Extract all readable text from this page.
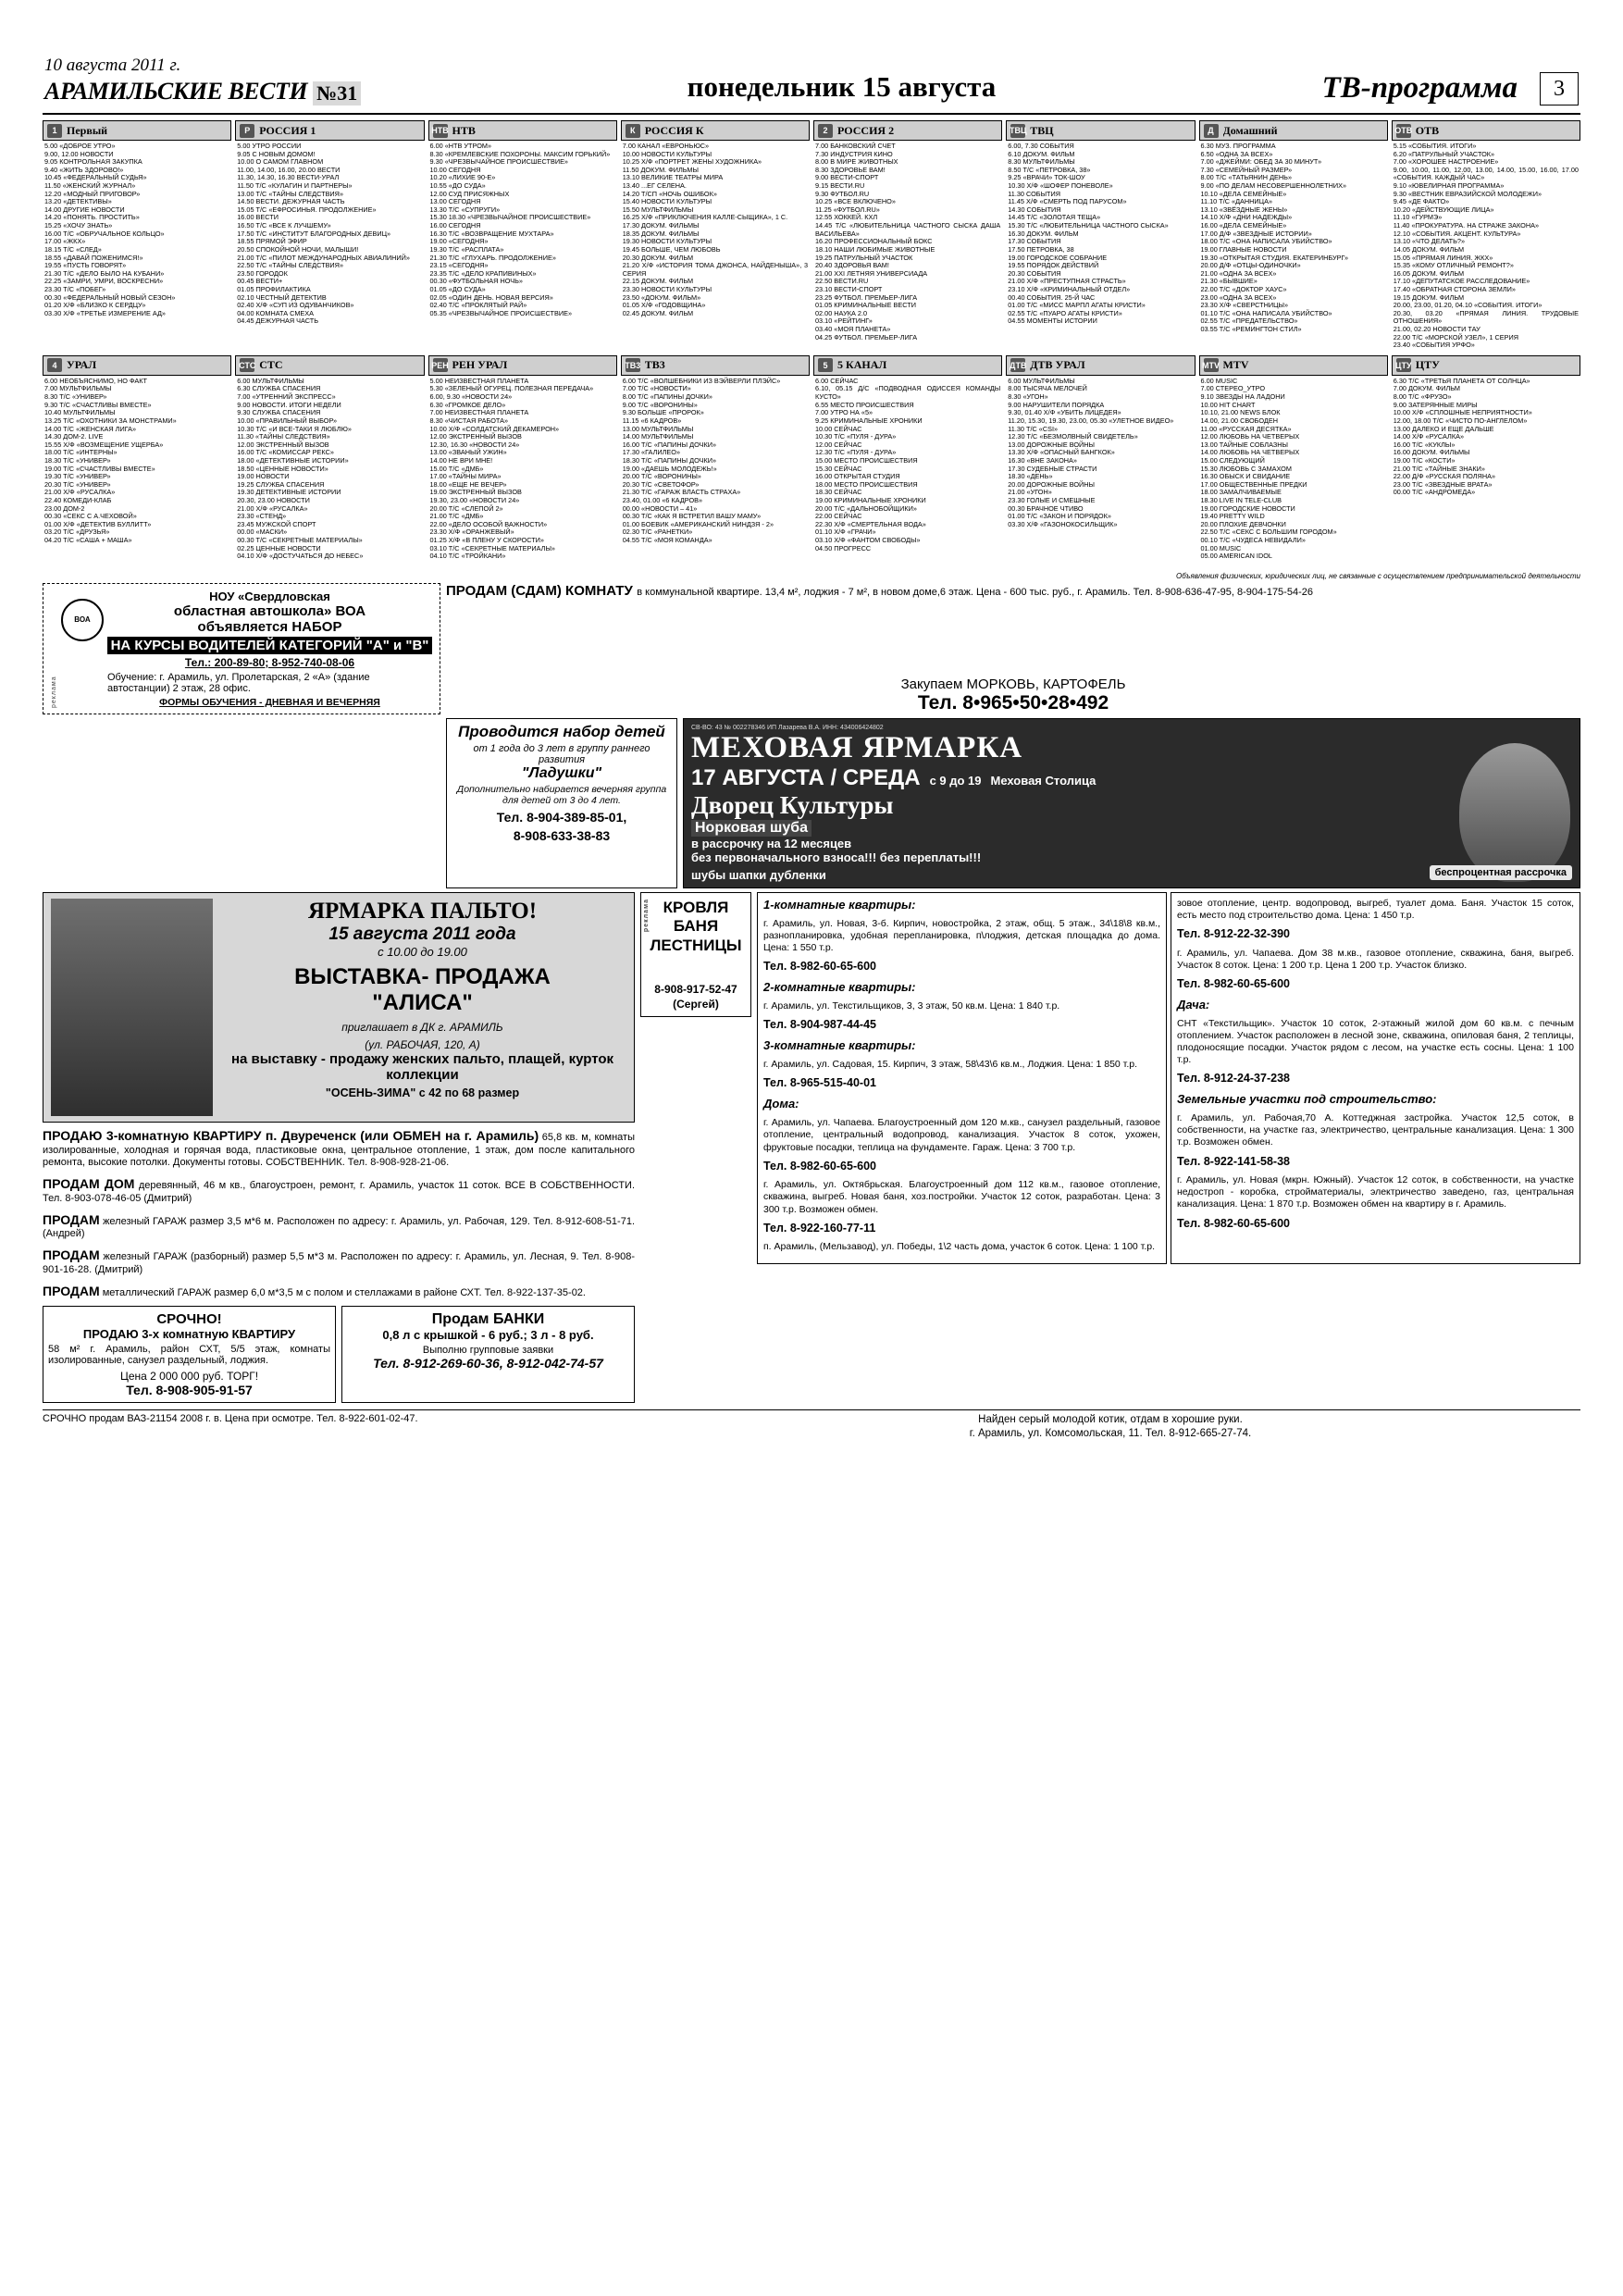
10 августа 2011 г.
АРАМИЛЬСКИЕ ВЕСТИ №31	понедельник 15 августа	ТВ-программа	3
1 Первый
5.00 «ДОБРОЕ УТРО»
9.00, 12.00 НОВОСТИ
9.05 КОНТРОЛЬНАЯ ЗАКУПКА
9.40 «ЖИТЬ ЗДОРОВО!»
10.45 «ФЕДЕРАЛЬНЫЙ СУДЬЯ»
11.50 «ЖЕНСКИЙ ЖУРНАЛ»
12.20 «МОДНЫЙ ПРИГОВОР»
13.20 «ДЕТЕКТИВЫ»
14.00 ДРУГИЕ НОВОСТИ
14.20 «ПОНЯТЬ. ПРОСТИТЬ»
15.25 «ХОЧУ ЗНАТЬ»
16.00 Т/С «ОБРУЧАЛЬНОЕ КОЛЬЦО»
17.00 «ЖКХ»
18.15 Т/С «СЛЕД»
18.55 «ДАВАЙ ПОЖЕНИМСЯ!»
19.55 «ПУСТЬ ГОВОРЯТ»
21.30 Т/С «ДЕЛО БЫЛО НА КУБАНИ»
22.25 «ЗАМРИ, УМРИ, ВОСКРЕСНИ»
23.30 Т/С «ПОБЕГ»
00.30 «ФЕДЕРАЛЬНЫЙ НОВЫЙ СЕЗОН»
01.20 Х/Ф «БЛИЗКО К СЕРДЦУ»
03.30 Х/Ф «ТРЕТЬЕ ИЗМЕРЕНИЕ АД»
Р РОССИЯ 1
5.00 УТРО РОССИИ
9.05 С НОВЫМ ДОМОМ!
10.00 О САМОМ ГЛАВНОМ
11.00, 14.00, 16.00, 20.00 ВЕСТИ
11.30, 14.30, 16.30 ВЕСТИ-УРАЛ
11.50 Т/С «КУЛАГИН И ПАРТНЕРЫ»
13.00 Т/С «ТАЙНЫ СЛЕДСТВИЯ»
14.50 ВЕСТИ. ДЕЖУРНАЯ ЧАСТЬ
15.05 Т/С «ЕФРОСИНЬЯ. ПРОДОЛЖЕНИЕ»
16.00 ВЕСТИ
16.50 Т/С «ВСЕ К ЛУЧШЕМУ»
17.50 Т/С «ИНСТИТУТ БЛАГОРОДНЫХ ДЕВИЦ»
18.55 ПРЯМОЙ ЭФИР
20.50 СПОКОЙНОЙ НОЧИ, МАЛЫШИ!
21.00 Т/С «ПИЛОТ МЕЖДУНАРОДНЫХ АВИАЛИНИЙ»
22.50 Т/С «ТАЙНЫ СЛЕДСТВИЯ»
23.50 ГОРОДОК
00.45 ВЕСТИ+
01.05 ПРОФИЛАКТИКА
02.10 ЧЕСТНЫЙ ДЕТЕКТИВ
02.40 Х/Ф «СУП ИЗ ОДУВАНЧИКОВ»
04.00 КОМНАТА СМЕХА
04.45 ДЕЖУРНАЯ ЧАСТЬ
НТВ НТВ
6.00 «НТВ УТРОМ»
8.30 «КРЕМЛЕВСКИЕ ПОХОРОНЫ. МАКСИМ ГОРЬКИЙ»
9.30 «ЧРЕЗВЫЧАЙНОЕ ПРОИСШЕСТВИЕ»
10.00 СЕГОДНЯ
10.20 «ЛИХИЕ 90-Е»
10.55 «ДО СУДА»
12.00 СУД ПРИСЯЖНЫХ
13.00 СЕГОДНЯ
13.30 Т/С «СУПРУГИ»
15.30 18.30 «ЧРЕЗВЫЧАЙНОЕ ПРОИСШЕСТВИЕ»
16.00 СЕГОДНЯ
16.30 Т/С «ВОЗВРАЩЕНИЕ МУХТАРА»
19.00 «СЕГОДНЯ»
19.30 Т/С «РАСПЛАТА»
21.30 Т/С «ГЛУХАРЬ. ПРОДОЛЖЕНИЕ»
23.15 «СЕГОДНЯ»
23.35 Т/С «ДЕЛО КРАПИВИНЫХ»
00.30 «ФУТБОЛЬНАЯ НОЧЬ»
01.05 «ДО СУДА»
02.05 «ОДИН ДЕНЬ. НОВАЯ ВЕРСИЯ»
02.40 Т/С «ПРОКЛЯТЫЙ РАЙ»
05.35 «ЧРЕЗВЫЧАЙНОЕ ПРОИСШЕСТВИЕ»
К РОССИЯ К
7.00 КАНАЛ «ЕВРОНЬЮС»
10.00 НОВОСТИ КУЛЬТУРЫ
10.25 Х/Ф «ПОРТРЕТ ЖЕНЫ ХУДОЖНИКА»
11.50 ДОКУМ. ФИЛЬМЫ
13.10 ВЕЛИКИЕ ТЕАТРЫ МИРА
13.40 ...ЕГ СЕЛЕНА.
14.20 Т/СП «НОЧЬ ОШИБОК»
15.40 НОВОСТИ КУЛЬТУРЫ
15.50 МУЛЬТФИЛЬМЫ
16.25 Х/Ф «ПРИКЛЮЧЕНИЯ КАЛЛЕ-СЫЩИКА», 1 С.
17.30 ДОКУМ. ФИЛЬМЫ
18.35 ДОКУМ. ФИЛЬМЫ
19.30 НОВОСТИ КУЛЬТУРЫ
19.45 БОЛЬШЕ, ЧЕМ ЛЮБОВЬ
20.30 ДОКУМ. ФИЛЬМ
21.20 Х/Ф «ИСТОРИЯ ТОМА ДЖОНСА, НАЙДЕНЫША», 3 СЕРИЯ
22.15 ДОКУМ. ФИЛЬМ
23.30 НОВОСТИ КУЛЬТУРЫ
23.50 «ДОКУМ. ФИЛЬМ»
01.05 Х/Ф «ГОДОВЩИНА»
02.45 ДОКУМ. ФИЛЬМ
2 РОССИЯ 2
7.00 БАНКОВСКИЙ СЧЕТ
7.30 ИНДУСТРИЯ КИНО
8.00 В МИРЕ ЖИВОТНЫХ
8.30 ЗДОРОВЬЕ ВАМ!
9.00 ВЕСТИ-СПОРТ
9.15 ВЕСТИ.RU
9.30 ФУТБОЛ.RU
10.25 «ВСЕ ВКЛЮЧЕНО»
11.25 «ФУТБОЛ.RU»
12.55 ХОККЕЙ. КХЛ
14.45 Т/С «ЛЮБИТЕЛЬНИЦА ЧАСТНОГО СЫСКА ДАША ВАСИЛЬЕВА»
16.20 ПРОФЕССИОНАЛЬНЫЙ БОКС
18.10 НАШИ ЛЮБИМЫЕ ЖИВОТНЫЕ
19.25 ПАТРУЛЬНЫЙ УЧАСТОК
20.40 ЗДОРОВЬЯ ВАМ!
21.00 ХХI ЛЕТНЯЯ УНИВЕРСИАДА
22.50 ВЕСТИ.RU
23.10 ВЕСТИ-СПОРТ
23.25 ФУТБОЛ. ПРЕМЬЕР-ЛИГА
01.05 КРИМИНАЛЬНЫЕ ВЕСТИ
02.00 НАУКА 2.0
03.10 «РЕЙТИНГ»
03.40 «МОЯ ПЛАНЕТА»
04.25 ФУТБОЛ. ПРЕМЬЕР-ЛИГА
ТВЦ ТВЦ
6.00, 7.30 СОБЫТИЯ
6.10 ДОКУМ. ФИЛЬМ
8.30 МУЛЬТФИЛЬМЫ
8.50 Т/С «ПЕТРОВКА, 38»
9.25 «ВРАЧИ» ТОК-ШОУ
10.30 Х/Ф «ШОФЕР ПОНЕВОЛЕ»
11.30 СОБЫТИЯ
11.45 Х/Ф «СМЕРТЬ ПОД ПАРУСОМ»
14.30 СОБЫТИЯ
14.45 Т/С «ЗОЛОТАЯ ТЕЩА»
15.30 Т/С «ЛЮБИТЕЛЬНИЦА ЧАСТНОГО СЫСКА»
16.30 ДОКУМ. ФИЛЬМ
17.30 СОБЫТИЯ
17.50 ПЕТРОВКА, 38
19.00 ГОРОДСКОЕ СОБРАНИЕ
19.55 ПОРЯДОК ДЕЙСТВИЙ
20.30 СОБЫТИЯ
21.00 Х/Ф «ПРЕСТУПНАЯ СТРАСТЬ»
23.10 Х/Ф «КРИМИНАЛЬНЫЙ ОТДЕЛ»
00.40 СОБЫТИЯ. 25-Й ЧАС
01.00 Т/С «МИСС МАРПЛ АГАТЫ КРИСТИ»
02.55 Т/С «ПУАРО АГАТЫ КРИСТИ»
04.55 МОМЕНТЫ ИСТОРИИ
Д Домашний
6.30 МУЗ. ПРОГРАММА
6.50 «ОДНА ЗА ВСЕХ»
7.00 «ДЖЕЙМИ: ОБЕД ЗА 30 МИНУТ»
7.30 «СЕМЕЙНЫЙ РАЗМЕР»
8.00 Т/С «ТАТЬЯНИН ДЕНЬ»
9.00 «ПО ДЕЛАМ НЕСОВЕРШЕННОЛЕТНИХ»
10.10 «ДЕЛА СЕМЕЙНЫЕ»
11.10 Т/С «ДАННИЦА»
13.10 «ЗВЁЗДНЫЕ ЖЕНЫ»
14.10 Х/Ф «ДНИ НАДЕЖДЫ»
16.00 «ДЕЛА СЕМЕЙНЫЕ»
17.00 Д/Ф «ЗВЕЗДНЫЕ ИСТОРИИ»
18.00 Т/С «ОНА НАПИСАЛА УБИЙСТВО»
19.00 ГЛАВНЫЕ НОВОСТИ
19.30 «ОТКРЫТАЯ СТУДИЯ. ЕКАТЕРИНБУРГ»
20.00 Д/Ф «ОТЦЫ-ОДИНОЧКИ»
21.00 «ОДНА ЗА ВСЕХ»
21.30 «БЫВШИЕ»
22.00 Т/С «ДОКТОР ХАУС»
23.00 «ОДНА ЗА ВСЕХ»
23.30 Х/Ф «СВЕРСТНИЦЫ»
01.10 Т/С «ОНА НАПИСАЛА УБИЙСТВО»
02.55 Т/С «ПРЕДАТЕЛЬСТВО»
03.55 Т/С «РЕМИНГТОН СТИЛ»
ОТВ ОТВ
5.15 «СОБЫТИЯ. ИТОГИ»
6.20 «ПАТРУЛЬНЫЙ УЧАСТОК»
7.00 «ХОРОШЕЕ НАСТРОЕНИЕ»
9.00, 10.00, 11.00, 12.00, 13.00, 14.00, 15.00, 16.00, 17.00 «СОБЫТИЯ. КАЖДЫЙ ЧАС»
9.10 «ЮВЕЛИРНАЯ ПРОГРАММА»
9.30 «ВЕСТНИК ЕВРАЗИЙСКОЙ МОЛОДЕЖИ»
9.45 «ДЕ ФАКТО»
10.20 «ДЕЙСТВУЮЩИЕ ЛИЦА»
11.10 «ГУРМЭ»
11.40 «ПРОКУРАТУРА. НА СТРАЖЕ ЗАКОНА»
12.10 «СОБЫТИЯ. АКЦЕНТ. КУЛЬТУРА»
13.10 «ЧТО ДЕЛАТЬ?»
14.05 ДОКУМ. ФИЛЬМ
15.05 «ПРЯМАЯ ЛИНИЯ. ЖКХ»
15.35 «КОМУ ОТЛИЧНЫЙ РЕМОНТ?»
16.05 ДОКУМ. ФИЛЬМ
17.10 «ДЕПУТАТСКОЕ РАССЛЕДОВАНИЕ»
17.40 «ОБРАТНАЯ СТОРОНА ЗЕМЛИ»
19.15 ДОКУМ. ФИЛЬМ
20.00, 23.00, 01.20, 04.10 «СОБЫТИЯ. ИТОГИ»
20.30, 03.20 «ПРЯМАЯ ЛИНИЯ. ТРУДОВЫЕ ОТНОШЕНИЯ»
21.00, 02.20 НОВОСТИ ТАУ
22.00 Т/С «МОРСКОЙ УЗЕЛ», 1 СЕРИЯ
23.40 «СОБЫТИЯ УРФО»
4 УРАЛ
6.00 НЕОБЪЯСНИМО, НО ФАКТ
7.00 МУЛЬТФИЛЬМЫ
8.30 Т/С «УНИВЕР»
9.30 Т/С «СЧАСТЛИВЫ ВМЕСТЕ»
10.40 МУЛЬТФИЛЬМЫ
13.25 Т/С «ОХОТНИКИ ЗА МОНСТРАМИ»
14.00 Т/С «ЖЕНСКАЯ ЛИГА»
14.30 ДОМ-2. LIVE
15.55 Х/Ф «ВОЗМЕЩЕНИЕ УЩЕРБА»
18.00 Т/С «ИНТЕРНЫ»
18.30 Т/С «УНИВЕР»
19.00 Т/С «СЧАСТЛИВЫ ВМЕСТЕ»
19.30 Т/С «УНИВЕР»
20.30 Т/С «УНИВЕР»
21.00 Х/Ф «РУСАЛКА»
22.40 КОМЕДИ-КЛАБ
23.00 ДОМ-2
00.30 «СЕКС С А.ЧЕХОВОЙ»
01.00 Х/Ф «ДЕТЕКТИВ БУЛЛИТТ»
03.20 Т/С «ДРУЗЬЯ»
04.20 Т/С «САША + МАША»
СТС СТС
6.00 МУЛЬТФИЛЬМЫ
6.30 СЛУЖБА СПАСЕНИЯ
7.00 «УТРЕННИЙ ЭКСПРЕСС»
9.00 НОВОСТИ. ИТОГИ НЕДЕЛИ
9.30 СЛУЖБА СПАСЕНИЯ
10.00 «ПРАВИЛЬНЫЙ ВЫБОР»
10.30 Т/С «И ВСЕ-ТАКИ Я ЛЮБЛЮ»
11.30 «ТАЙНЫ СЛЕДСТВИЯ»
12.00 ЭКСТРЕННЫЙ ВЫЗОВ
16.00 Т/С «КОМИССАР РЕКС»
18.00 «ДЕТЕКТИВНЫЕ ИСТОРИИ»
18.50 «ЦЕННЫЕ НОВОСТИ»
19.00 НОВОСТИ
19.25 СЛУЖБА СПАСЕНИЯ
19.30 ДЕТЕКТИВНЫЕ ИСТОРИИ
20.30, 23.00 НОВОСТИ
21.00 Х/Ф «РУСАЛКА»
23.30 «СТЕНД»
23.45 МУЖСКОЙ СПОРТ
00.00 «МАСКИ»
00.30 Т/С «СЕКРЕТНЫЕ МАТЕРИАЛЫ»
02.25 ЦЕННЫЕ НОВОСТИ
04.10 Х/Ф «ДОСТУЧАТЬСЯ ДО НЕБЕС»
РЕН РЕН УРАЛ
5.00 НЕИЗВЕСТНАЯ ПЛАНЕТА
5.30 «ЗЕЛЕНЫЙ ОГУРЕЦ. ПОЛЕЗНАЯ ПЕРЕДАЧА»
6.00, 9.30 «НОВОСТИ 24»
6.30 «ГРОМКОЕ ДЕЛО»
7.00 НЕИЗВЕСТНАЯ ПЛАНЕТА
8.30 «ЧИСТАЯ РАБОТА»
10.00 Х/Ф «СОЛДАТСКИЙ ДЕКАМЕРОН»
12.00 ЭКСТРЕННЫЙ ВЫЗОВ
12.30, 16.30 «НОВОСТИ 24»
13.00 «ЗВАНЫЙ УЖИН»
14.00 НЕ ВРИ МНЕ!
15.00 Т/С «ДМБ»
17.00 «ТАЙНЫ МИРА»
18.00 «ЕЩЕ НЕ ВЕЧЕР»
19.00 ЭКСТРЕННЫЙ ВЫЗОВ
19.30, 23.00 «НОВОСТИ 24»
20.00 Т/С «СЛЕПОЙ 2»
21.00 Т/С «ДМБ»
22.00 «ДЕЛО ОСОБОЙ ВАЖНОСТИ»
23.30 Х/Ф «ОРАНЖЕВЫЙ»
01.25 Х/Ф «В ПЛЕНУ У СКОРОСТИ»
03.10 Т/С «СЕКРЕТНЫЕ МАТЕРИАЛЫ»
04.10 Т/С «ТРОЙКАНИ»
ТВ3 ТВ3
6.00 Т/С «ВОЛШЕБНИКИ ИЗ ВЭЙВЕРЛИ ПЛЭЙС»
7.00 Т/С «НОВОСТИ»
8.00 Т/С «ПАПИНЫ ДОЧКИ»
9.00 Т/С «ВОРОНИНЫ»
9.30 БОЛЬШЕ «ПРОРОК»
11.15 «6 КАДРОВ»
13.00 МУЛЬТФИЛЬМЫ
14.00 МУЛЬТФИЛЬМЫ
16.00 Т/С «ПАПИНЫ ДОЧКИ»
17.30 «ГАЛИЛЕО»
18.30 Т/С «ПАПИНЫ ДОЧКИ»
19.00 «ДАЕШЬ МОЛОДЕЖЬ!»
20.00 Т/С «ВОРОНИНЫ»
20.30 Т/С «СВЕТОФОР»
21.30 Т/С «ГАРАЖ ВЛАСТЬ СТРАХА»
23.40, 01.00 «6 КАДРОВ»
00.00 «НОВОСТИ – 41»
00.30 Т/С «КАК Я ВСТРЕТИЛ ВАШУ МАМУ»
01.00 БОЕВИК «АМЕРИКАНСКИЙ НИНДЗЯ - 2»
02.30 Т/С «РАНЕТКИ»
04.55 Т/С «МОЯ КОМАНДА»
5 5 КАНАЛ
6.00 СЕЙЧАС
6.10, 05.15 Д/С «ПОДВОДНАЯ ОДИССЕЯ КОМАНДЫ КУСТО»
6.55 МЕСТО ПРОИСШЕСТВИЯ
7.00 УТРО НА «5»
9.25 КРИМИНАЛЬНЫЕ ХРОНИКИ
10.00 СЕЙЧАС
10.30 Т/С «ПУЛЯ - ДУРА»
12.00 СЕЙЧАС
12.30 Т/С «ПУЛЯ - ДУРА»
15.00 МЕСТО ПРОИСШЕСТВИЯ
15.30 СЕЙЧАС
16.00 ОТКРЫТАЯ СТУДИЯ
18.00 МЕСТО ПРОИСШЕСТВИЯ
18.30 СЕЙЧАС
19.00 КРИМИНАЛЬНЫЕ ХРОНИКИ
20.00 Т/С «ДАЛЬНОБОЙЩИКИ»
22.00 СЕЙЧАС
22.30 Х/Ф «СМЕРТЕЛЬНАЯ ВОДА»
01.10 Х/Ф «ГРАЧИ»
03.10 Х/Ф «ФАНТОМ СВОБОДЫ»
04.50 ПРОГРЕСС
ДТВ ДТВ УРАЛ
6.00 МУЛЬТФИЛЬМЫ
8.00 ТЫСЯЧА МЕЛОЧЕЙ
8.30 «УГОН»
9.00 НАРУШИТЕЛИ ПОРЯДКА
9.30, 01.40 Х/Ф «УБИТЬ ЛИЦЕДЕЯ»
11.20, 15.30, 19.30, 23.00, 05.30 «УЛЕТНОЕ ВИДЕО»
11.30 Т/С «CSI»
12.30 Т/С «БЕЗМОЛВНЫЙ СВИДЕТЕЛЬ»
13.00 ДОРОЖНЫЕ ВОЙНЫ
13.30 Х/Ф «ОПАСНЫЙ БАНГКОК»
16.30 «ВНЕ ЗАКОНА»
17.30 СУДЕБНЫЕ СТРАСТИ
18.30 «ДЕНЬ»
20.00 ДОРОЖНЫЕ ВОЙНЫ
21.00 «УГОН»
23.30 ГОЛЫЕ И СМЕШНЫЕ
00.30 БРАЧНОЕ ЧТИВО
01.00 Т/С «ЗАКОН И ПОРЯДОК»
03.30 Х/Ф «ГАЗОНОКОСИЛЬЩИК»
MTV MTV
6.00 MUSIC
7.00 СТЕРЕО_УТРО
9.10 ЗВЕЗДЫ НА ЛАДОНИ
10.00 HIT CHART
10.10, 21.00 NEWS БЛОК
14.00, 21.00 СВОБОДЕН
11.00 «РУССКАЯ ДЕСЯТКА»
12.00 ЛЮБОВЬ НА ЧЕТВЕРЫХ
13.00 ТАЙНЫЕ СОБЛАЗНЫ
14.00 ЛЮБОВЬ НА ЧЕТВЕРЫХ
15.00 СЛЕДУЮЩИЙ
15.30 ЛЮБОВЬ С ЗАМАХОМ
16.30 ОБЫСК И СВИДАНИЕ
17.00 ОБЩЕСТВЕННЫЕ ПРЕДКИ
18.00 ЗАМАЛЧИВАЕМЫЕ
18.30 LIVE IN TELE-CLUB
19.00 ГОРОДСКИЕ НОВОСТИ
19.40 PRETTY WILD
20.00 ПЛОХИЕ ДЕВЧОНКИ
22.50 Т/С «СЕКС С БОЛЬШИМ ГОРОДОМ»
00.10 Т/С «ЧУДЕСА НЕВИДАЛИ»
01.00 MUSIC
05.00 AMERICAN IDOL
ЦТУ ЦТУ
6.30 Т/С «ТРЕТЬЯ ПЛАНЕТА ОТ СОЛНЦА»
7.00 ДОКУМ. ФИЛЬМ
8.00 Т/С «ФРУЗО»
9.00 ЗАТЕРЯННЫЕ МИРЫ
10.00 Х/Ф «СПЛОШНЫЕ НЕПРИЯТНОСТИ»
12.00, 18.00 Т/С «ЧИСТО ПО-АНГЛЕЛОМ»
13.00 ДАЛЕКО И ЕЩЕ ДАЛЬШЕ
14.00 Х/Ф «РУСАЛКА»
16.00 Т/С «КУКЛЫ»
16.00 ДОКУМ. ФИЛЬМЫ
19.00 Т/С «КОСТИ»
21.00 Т/С «ТАЙНЫЕ ЗНАКИ»
22.00 Д/Ф «РУССКАЯ ПОЛЯНА»
23.00 Т/С «ЗВЕЗДНЫЕ ВРАТА»
00.00 Т/С «АНДРОМЕДА»
Объявления физических, юридических лиц, не связанные с осуществлением предпринимательской деятельности
реклама
ВОА
НОУ «Свердловская
областная автошкола» ВОА
объявляется НАБОР
НА КУРСЫ ВОДИТЕЛЕЙ КАТЕГОРИЙ "А" и "В"
Тел.: 200-89-80; 8-952-740-08-06
Обучение: г. Арамиль, ул. Пролетарская, 2 «А» (здание автостанции) 2 этаж, 28 офис.
ФОРМЫ ОБУЧЕНИЯ - ДНЕВНАЯ И ВЕЧЕРНЯЯ
ПРОДАМ (СДАМ) КОМНАТУ в коммунальной квартире. 13,4 м², лоджия - 7 м², в новом доме,6 этаж. Цена - 600 тыс. руб., г. Арамиль. Тел. 8-908-636-47-95, 8-904-175-54-26
Закупаем МОРКОВЬ, КАРТОФЕЛЬ
Тел. 8•965•50•28•492
Проводится набор детей
от 1 года до 3 лет в группу раннего развития
"Ладушки"
Дополнительно набирается вечерняя группа для детей от 3 до 4 лет.
Тел. 8-904-389-85-01,
8-908-633-38-83
СВ-ВО: 43 № 002278346 ИП Лазарева В.А. ИНН: 434006424802
МЕХОВАЯ ЯРМАРКА
17 АВГУСТА / СРЕДА с 9 до 19 Меховая Столица
Дворец Культуры
Норковая шуба
в рассрочку на 12 месяцев
без первоначального взноса!!! без переплаты!!!
шубы шапки дубленки	беспроцентная рассрочка
ЯРМАРКА ПАЛЬТО!
15 августа 2011 года
с 10.00 до 19.00
ВЫСТАВКА- ПРОДАЖА
"АЛИСА"
приглашает в ДК г. АРАМИЛЬ
(ул. РАБОЧАЯ, 120, А)
на выставку - продажу женских пальто, плащей, курток коллекции
"ОСЕНЬ-ЗИМА" с 42 по 68 размер

ПРОДАЮ 3-комнатную КВАРТИРУ п. Двуреченск (или ОБМЕН на г. Арамиль) 65,8 кв. м, комнаты изолированные, холодная и горячая вода, пластиковые окна, центральное отопление, 1 этаж, дом после капитального ремонта, высокие потолки. Документы готовы. СОБСТВЕННИК. Тел. 8-908-928-21-06.

ПРОДАМ ДОМ деревянный, 46 м кв., благоустроен, ремонт, г. Арамиль, участок 11 соток. ВСЕ В СОБСТВЕННОСТИ. Тел. 8-903-078-46-05 (Дмитрий)

ПРОДАМ железный ГАРАЖ размер 3,5 м*6 м. Расположен по адресу: г. Арамиль, ул. Рабочая, 129. Тел. 8-912-608-51-71. (Андрей)

ПРОДАМ железный ГАРАЖ (разборный) размер 5,5 м*3 м. Расположен по адресу: г. Арамиль, ул. Лесная, 9. Тел. 8-908-901-16-28. (Дмитрий)

ПРОДАМ металлический ГАРАЖ размер 6,0 м*3,5 м с полом и стеллажами в районе СХТ. Тел. 8-922-137-35-02.

СРОЧНО!
ПРОДАЮ 3-х комнатную КВАРТИРУ
58 м² г. Арамиль, район СХТ, 5/5 этаж, комнаты изолированные, санузел раздельный, лоджия.
Цена 2 000 000 руб. ТОРГ!
Тел. 8-908-905-91-57
Продам БАНКИ
0,8 л с крышкой - 6 руб.; 3 л - 8 руб.
Выполню групповые заявки
Тел. 8-912-269-60-36, 8-912-042-74-57
реклама КРОВЛЯ
БАНЯ
ЛЕСТНИЦЫ
8-908-917-52-47
(Сергей)

1-комнатные квартиры:

г. Арамиль, ул. Новая, 3-б. Кирпич, новостройка, 2 этаж, общ. 5 этаж., 34\18\8 кв.м., разнопланировка, удобная перепланировка, п\лоджия, детская площадка до дома. Цена: 1 550 т.р.

Тел. 8-982-60-65-600

2-комнатные квартиры:

г. Арамиль, ул. Текстильщиков, 3, 3 этаж, 50 кв.м. Цена: 1 840 т.р.

Тел. 8-904-987-44-45

3-комнатные квартиры:

г. Арамиль, ул. Садовая, 15. Кирпич, 3 этаж, 58\43\6 кв.м., Лоджия. Цена: 1 850 т.р.

Тел. 8-965-515-40-01

Дома:

г. Арамиль, ул. Чапаева. Благоустроенный дом 120 м.кв., санузел раздельный, газовое отопление, центральный водопровод, канализация. Участок 8 соток, ухожен, фруктовые посадки, теплица на фундаменте. Гараж. Цена: 3 700 т.р.

Тел. 8-982-60-65-600

г. Арамиль, ул. Октябрьская. Благоустроенный дом 112 кв.м., газовое отопление, скважина, выгреб. Новая баня, хоз.постройки. Участок 12 соток, разработан. Цена: 3 300 т.р. Возможен обмен.

Тел. 8-922-160-77-11

п. Арамиль, (Мельзавод), ул. Победы, 1\2 часть дома, участок 6 соток. Цена: 1 100 т.р.

зовое отопление, центр. водопровод, выгреб, туалет дома. Баня. Участок 15 соток, есть место под строительство дома. Цена: 1 450 т.р.

Тел. 8-912-22-32-390

г. Арамиль, ул. Чапаева. Дом 38 м.кв., газовое отопление, скважина, баня, выгреб. Участок 8 соток. Цена: 1 200 т.р. Цена 1 200 т.р. Участок близко.

Тел. 8-982-60-65-600

Дача:

СНТ «Текстильщик». Участок 10 соток, 2-этажный жилой дом 60 кв.м. с печным отоплением. Участок расположен в лесной зоне, скважина, опиловая баня, 2 теплицы, плодоносящие посадки. Участок рядом с лесом, на участке есть сосны. Цена: 1 100 т.р.

Тел. 8-912-24-37-238

Земельные участки под строительство:

г. Арамиль, ул. Рабочая,70 А. Коттеджная застройка. Участок 12,5 соток, в собственности, на участке газ, электричество, центральные канализация. Цена: 1 300 т.р. Возможен обмен.

Тел. 8-922-141-58-38

г. Арамиль, ул. Новая (мкрн. Южный). Участок 12 соток, в собственности, на участке недостроп - коробка, стройматериалы, электричество заведено, газ, центральная канализация. Цена: 1 870 т.р. Возможен обмен на квартиру в г. Арамиль.

Тел. 8-982-60-65-600

СРОЧНО продам ВАЗ-21154 2008 г. в. Цена при осмотре. Тел. 8-922-601-02-47.	Найден серый молодой котик, отдам в хорошие руки.
г. Арамиль, ул. Комсомольская, 11. Тел. 8-912-665-27-74.
